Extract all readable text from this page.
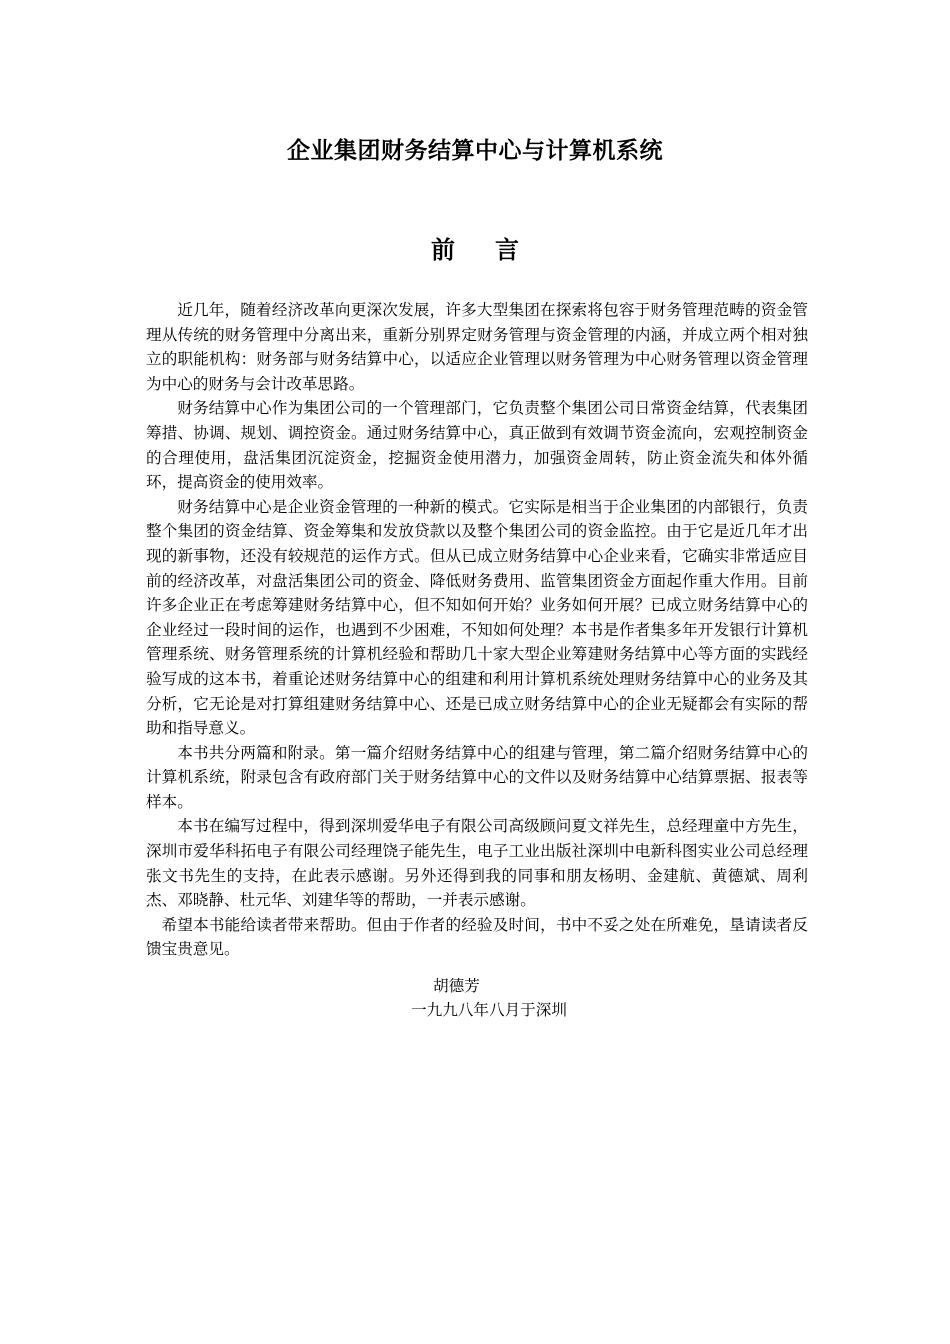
企业集团财务结算中心与计算机系统
前 言

近几年，随着经济改革向更深次发展，许多大型集团在探索将包容于财务管理范畴的资金管理从传统的财务管理中分离出来，重新分别界定财务管理与资金管理的内涵，并成立两个相对独立的职能机构：财务部与财务结算中心，以适应企业管理以财务管理为中心财务管理以资金管理为中心的财务与会计改革思路。

财务结算中心作为集团公司的一个管理部门，它负责整个集团公司日常资金结算，代表集团筹措、协调、规划、调控资金。通过财务结算中心，真正做到有效调节资金流向，宏观控制资金的合理使用，盘活集团沉淀资金，挖掘资金使用潜力，加强资金周转，防止资金流失和体外循环，提高资金的使用效率。

财务结算中心是企业资金管理的一种新的模式。它实际是相当于企业集团的内部银行，负责整个集团的资金结算、资金筹集和发放贷款以及整个集团公司的资金监控。由于它是近几年才出现的新事物，还没有较规范的运作方式。但从已成立财务结算中心企业来看，它确实非常适应目前的经济改革，对盘活集团公司的资金、降低财务费用、监管集团资金方面起作重大作用。目前许多企业正在考虑筹建财务结算中心，但不知如何开始？业务如何开展？已成立财务结算中心的企业经过一段时间的运作，也遇到不少困难，不知如何处理？本书是作者集多年开发银行计算机管理系统、财务管理系统的计算机经验和帮助几十家大型企业筹建财务结算中心等方面的实践经验写成的这本书，着重论述财务结算中心的组建和利用计算机系统处理财务结算中心的业务及其分析，它无论是对打算组建财务结算中心、还是已成立财务结算中心的企业无疑都会有实际的帮助和指导意义。

本书共分两篇和附录。第一篇介绍财务结算中心的组建与管理，第二篇介绍财务结算中心的计算机系统，附录包含有政府部门关于财务结算中心的文件以及财务结算中心结算票据、报表等样本。

本书在编写过程中，得到深圳爱华电子有限公司高级顾问夏文祥先生，总经理童中方先生，深圳市爱华科拓电子有限公司经理饶子能先生，电子工业出版社深圳中电新科图实业公司总经理张文书先生的支持，在此表示感谢。另外还得到我的同事和朋友杨明、金建航、黄德斌、周利杰、邓晓静、杜元华、刘建华等的帮助，一并表示感谢。

希望本书能给读者带来帮助。但由于作者的经验及时间，书中不妥之处在所难免，垦请读者反馈宝贵意见。

胡德芳
一九九八年八月于深圳
